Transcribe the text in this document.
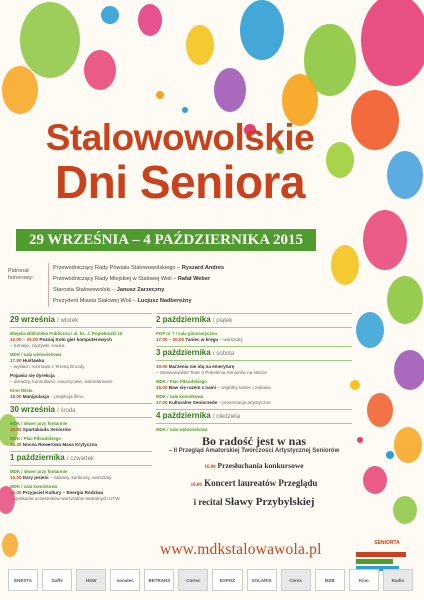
Stalowowolskie
Dni Seniora
29 WRZEŚNIA – 4 PAŹDZIERNIKA 2015
Patronat honorowy:
Przewodniczący Rady Powiatu Stalowowolskiego – Ryszard Andres
Przewodniczący Rady Miejskiej w Stalowej Woli – Rafał Weber
Starosta Stalowowolski – Janusz Zarzeczny
Prezydent Miasta Stalowej Woli – Lucjusz Nadbereżny
29 września / wtorek
Miejska Biblioteka Publiczna / ul. ks. J. Popiełuszki 10
10.00 – 15.00 Poznaj Koło gier komputerowych
– turnieje, zagrywki, nauka
MDK / sala widowiskowa
17.00 Huśtawka
– wykład i rozmowa z Teresą Drozdy
Pojawia się dyrekcja
– doradcy, konsultanci, nauczyciele, wolontariusze
Kino Wisła
18.00 Manipulacja – projekcja filmu
30 września / środa
MDK / skwer przy fontannie
10.00 Spartakiada Seniorów
MDK / Plac Piłsudskiego
16.30 Nocna Rowerowa Masa Krytyczna
1 października / czwartek
MDK / skwer przy fontannie
10.00 Dary jesieni – zabawy, konkursy, warsztaty
MDK / sala kominkowa
10.00 Przyjaciel Kultury – Energia Rodziwa
– spotkanie uczestników warsztatów teatralnych UTW
2 października / piątek
PGP nr 7 / sala gimnastyczna
17.00 – 20.00 Taniec w kręgu – warsztaty
3 października / sobota
10.00 Marzenia nie idą na emeryturę
– Stalowowolski Teatr 3 Pokolenia Seniorów na starcie
MDK / Plac Piłsudskiego
16.00 Baw się razem z nami – wspólny taniec i zabawa
MDK / sala kominkowa
17.00 Kulturalne Seniorzede – prezentacje artystyczne
4 października / niedziela
MDK / sala widowiskowa
Bo radość jest w nas
– II Przegląd Amatorskiej Twórczości Artystycznej Seniorów
16.00 Przesłuchania konkursowe
18.00 Koncert laureatów Przeglądu
i recital Sławy Przybylskiej
www.mdkstalowawola.pl	SENIORTA
ENESTA	Gaffe	HSW	sonatec	BETRANS	Cortec	EXPOZ	SOLARIS	Cerex	MZB	Kino	Radio
